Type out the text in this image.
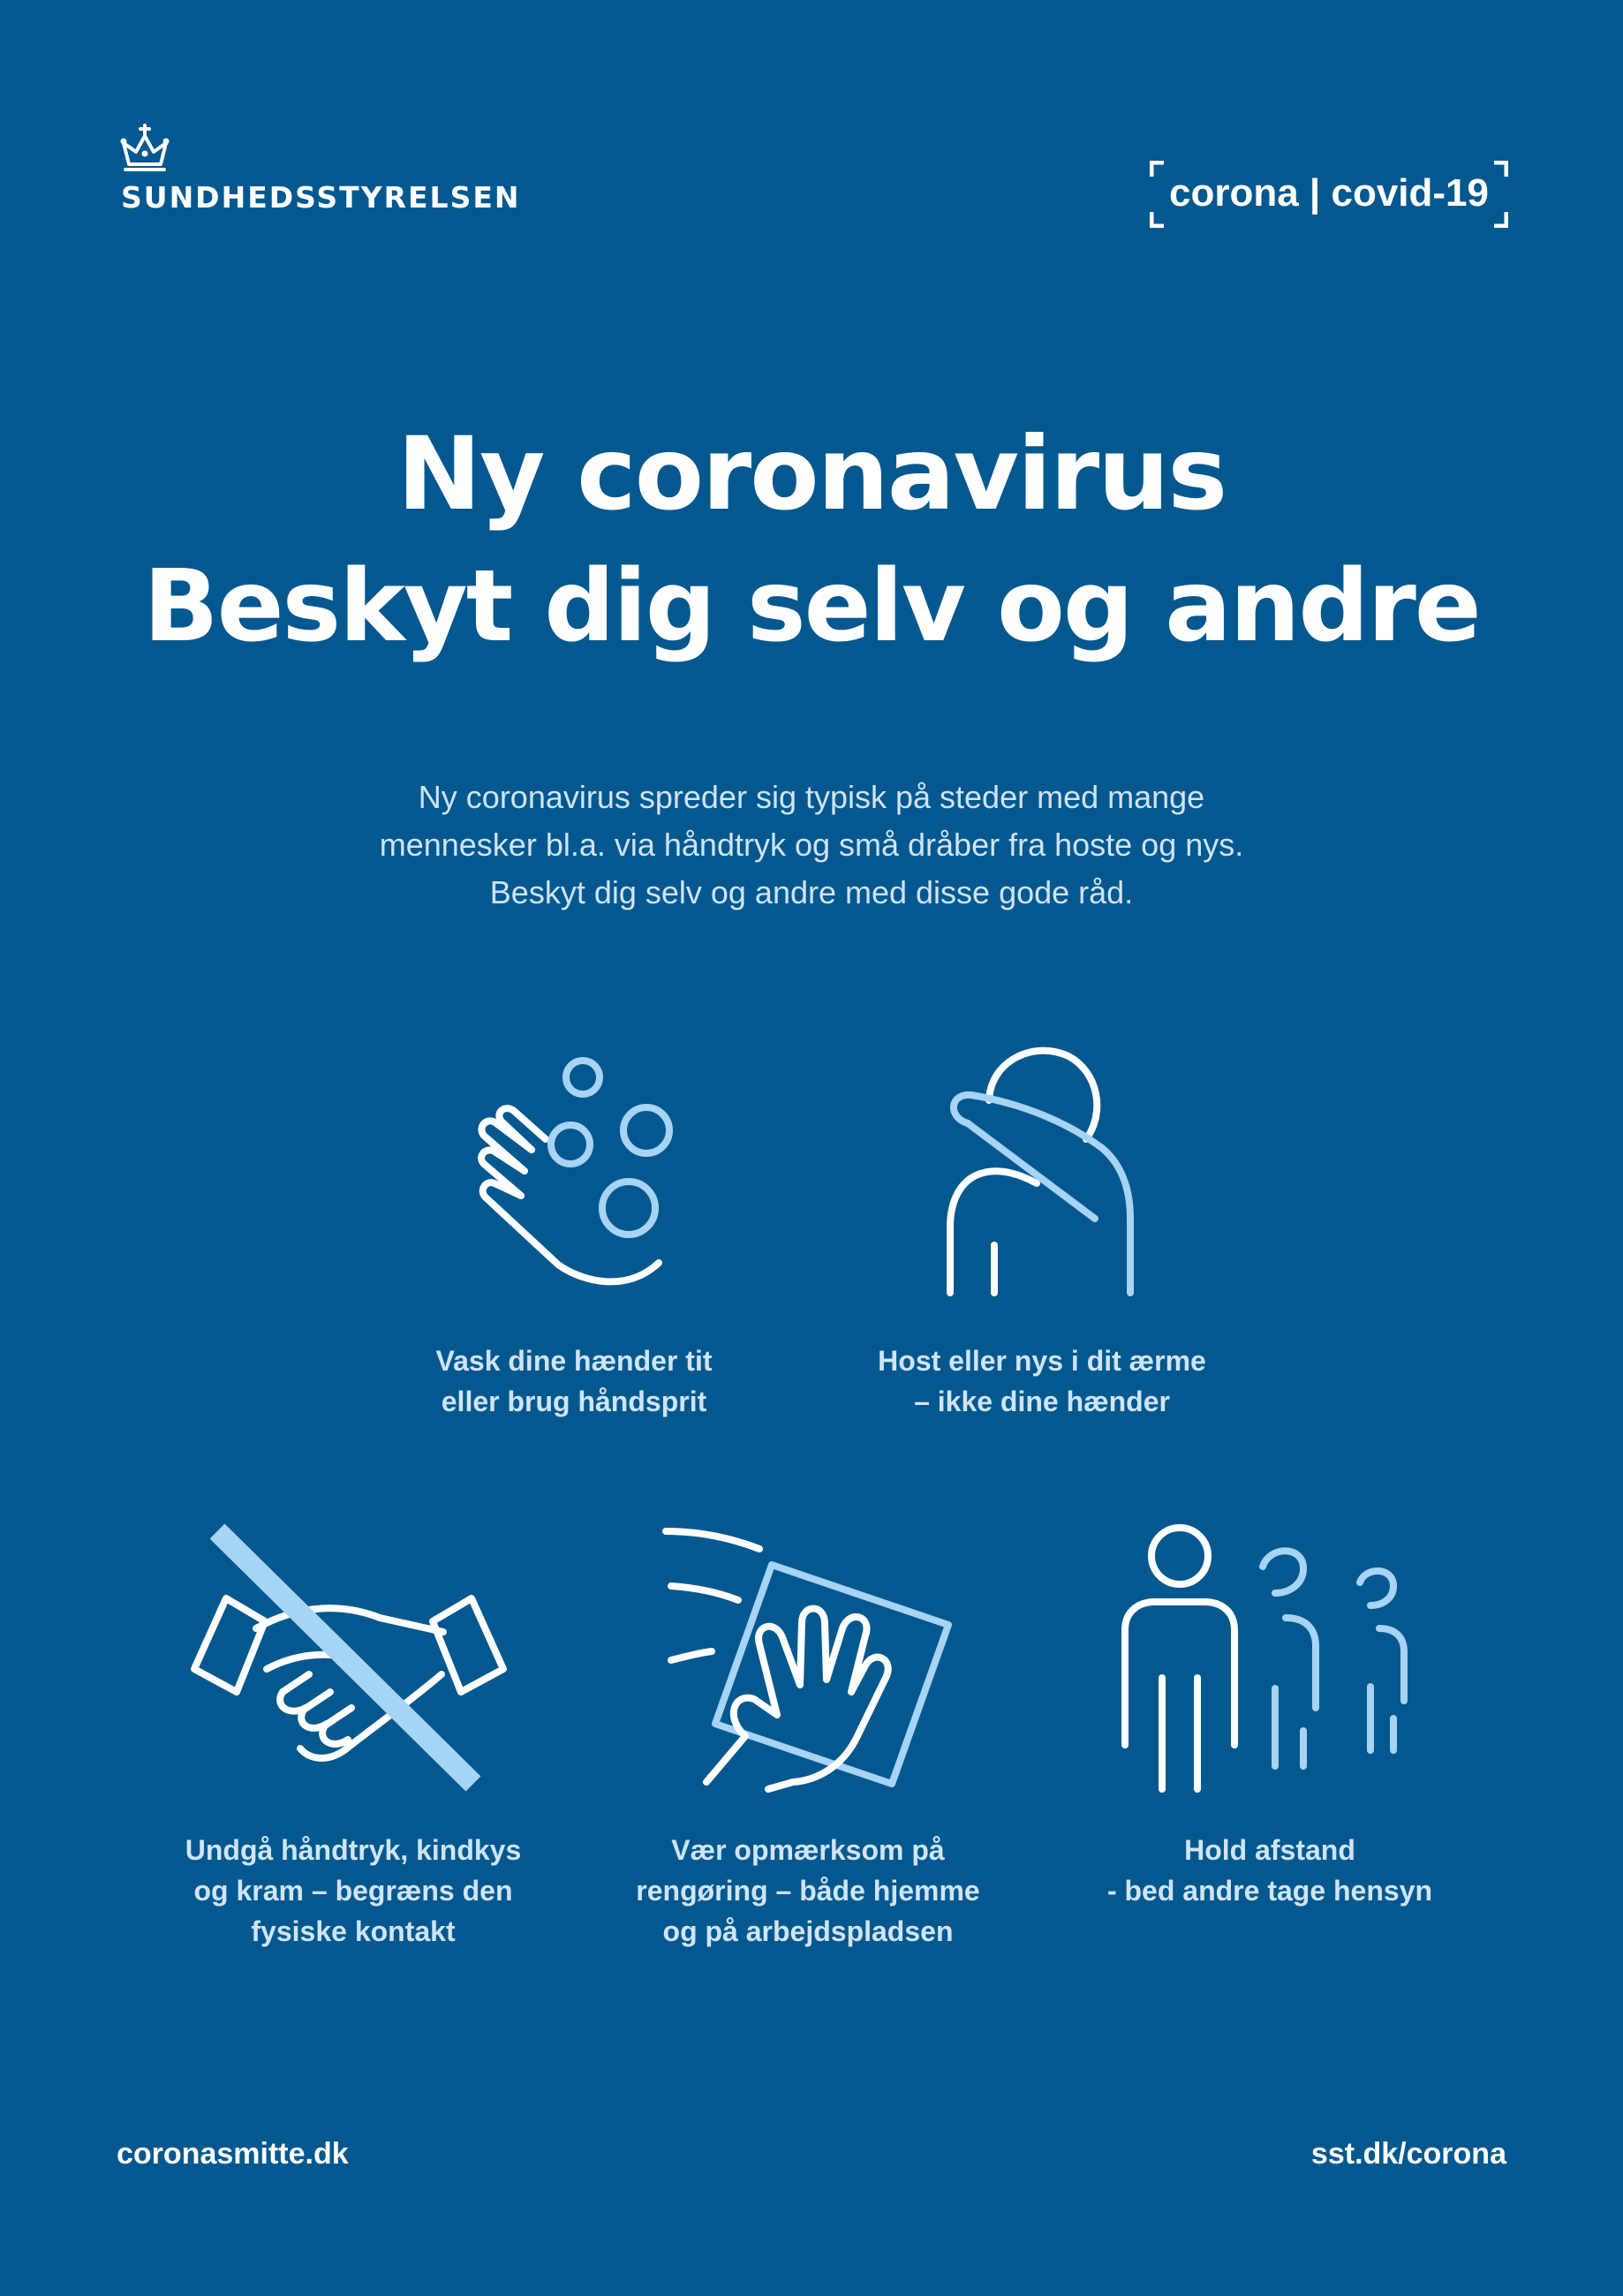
SUNDHEDSSTYRELSEN	corona | covid-19
Ny coronavirus
Beskyt dig selv og andre
Ny coronavirus spreder sig typisk på steder med mange
mennesker bl.a. via håndtryk og små dråber fra hoste og nys.
Beskyt dig selv og andre med disse gode råd.
Vask dine hænder tit
eller brug håndsprit
Host eller nys i dit ærme
– ikke dine hænder
Undgå håndtryk, kindkys
og kram – begræns den
fysiske kontakt
Vær opmærksom på
rengøring – både hjemme
og på arbejdspladsen
Hold afstand
- bed andre tage hensyn
coronasmitte.dk	sst.dk/corona
